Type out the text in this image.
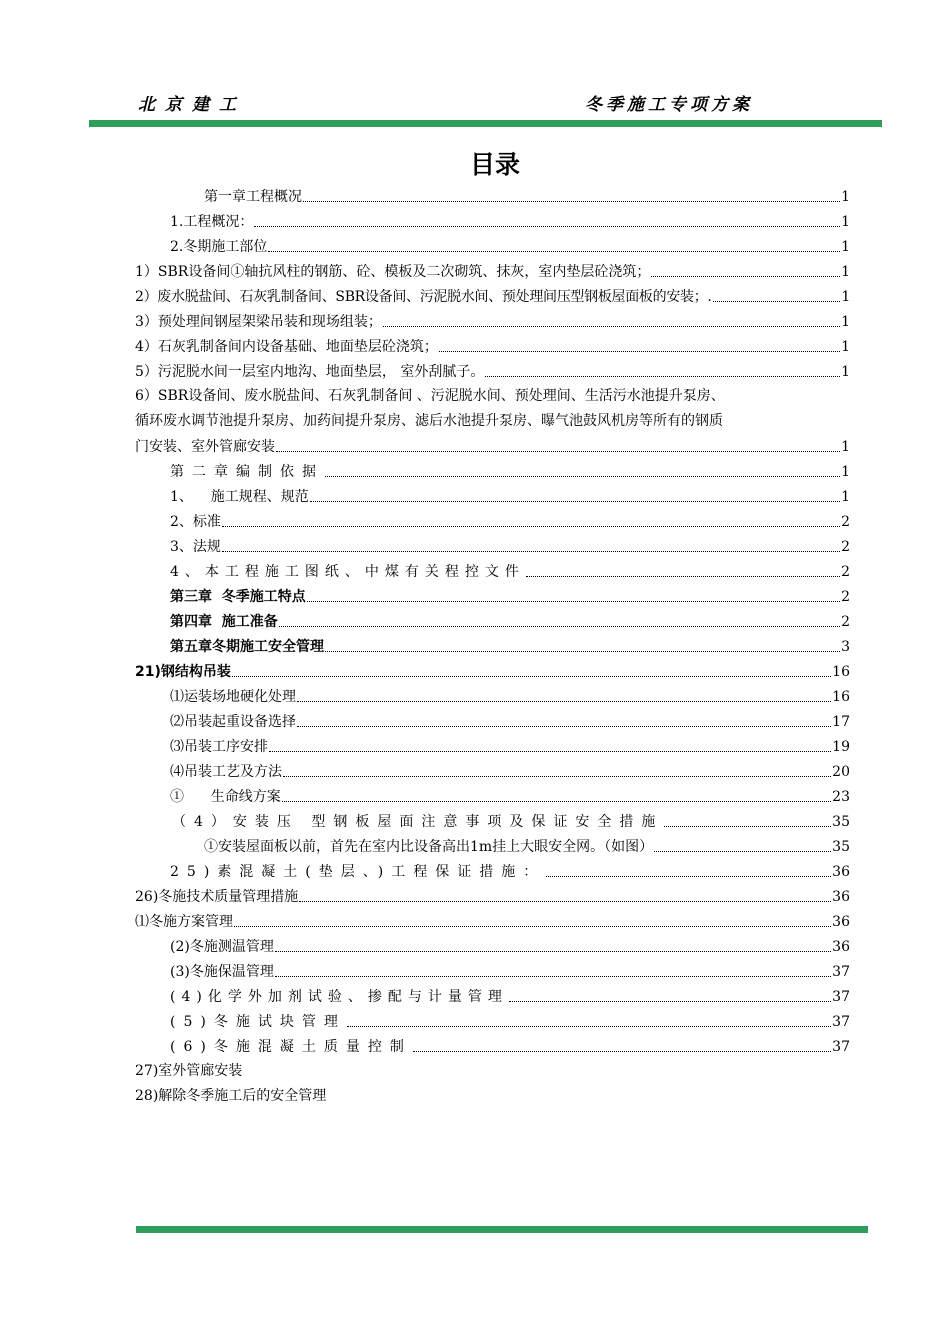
北京建工	冬季施工专项方案
目录
第一章工程概况	1
1.工程概况：	1
2.冬期施工部位	1
1）SBR设备间①轴抗风柱的钢筋、砼、模板及二次砌筑、抹灰，室内垫层砼浇筑；	1
2）废水脱盐间、石灰乳制备间、SBR设备间、污泥脱水间、预处理间压型钢板屋面板的安装；.	1
3）预处理间钢屋架梁吊装和现场组装；	1
4）石灰乳制备间内设备基础、地面垫层砼浇筑；	1
5）污泥脱水间一层室内地沟、地面垫层， 室外刮腻子。	1
6）SBR设备间、废水脱盐间、石灰乳制备间 、污泥脱水间、预处理间、生活污水池提升泵房、
循环废水调节池提升泵房、加药间提升泵房、滤后水池提升泵房、曝气池鼓风机房等所有的钢质
门安装、室外管廊安装	1
第二章编制依据	1
1、    施工规程、规范	1
2、标准	2
3、法规	2
4、本工程施工图纸、中煤有关程控文件	2
第三章  冬季施工特点	2
第四章  施工准备	2
第五章冬期施工安全管理	3
21)钢结构吊装	16
⑴运装场地硬化处理	16
⑵吊装起重设备选择	17
⑶吊装工序安排	19
⑷吊装工艺及方法	20
①      生命线方案	23
（4）安装压 型钢板屋面注意事项及保证安全措施	35
①安装屋面板以前，首先在室内比设备高出1m挂上大眼安全网。（如图）	35
25)素混凝土(垫层、)工程保证措施：	36
26)冬施技术质量管理措施	36
⑴冬施方案管理	36
(2)冬施测温管理	36
(3)冬施保温管理	37
(4)化学外加剂试验、掺配与计量管理	37
(5)冬施试块管理	37
(6)冬施混凝土质量控制	37
27)室外管廊安装
28)解除冬季施工后的安全管理
